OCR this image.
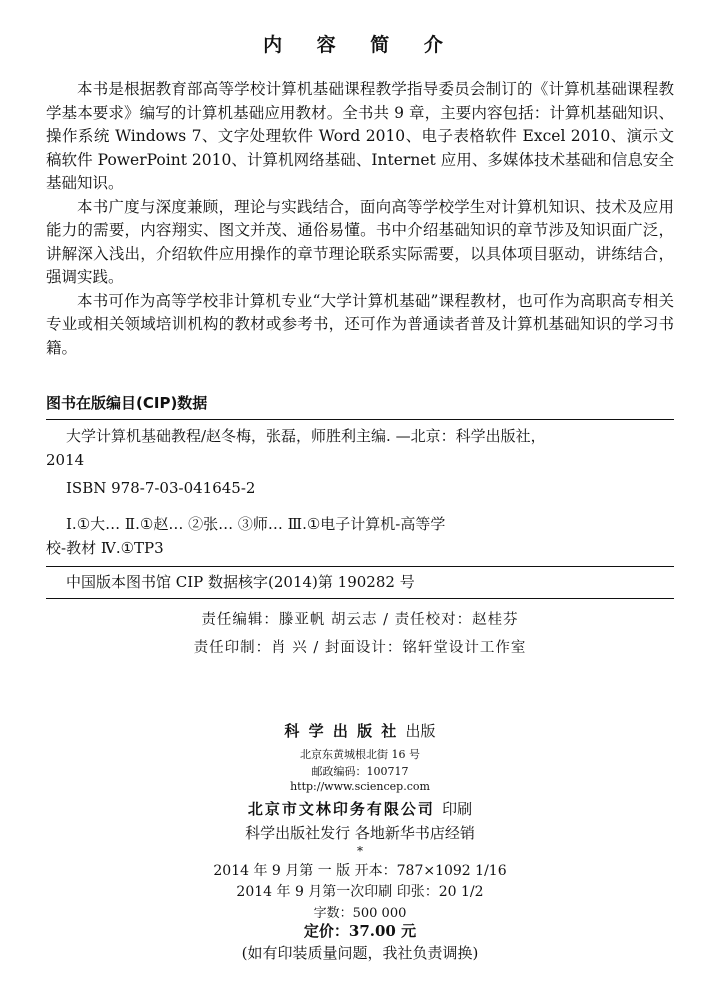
内 容 简 介

本书是根据教育部高等学校计算机基础课程教学指导委员会制订的《计算机基础课程教学基本要求》编写的计算机基础应用教材。全书共 9 章，主要内容包括：计算机基础知识、操作系统 Windows 7、文字处理软件 Word 2010、电子表格软件 Excel 2010、演示文稿软件 PowerPoint 2010、计算机网络基础、Internet 应用、多媒体技术基础和信息安全基础知识。

本书广度与深度兼顾，理论与实践结合，面向高等学校学生对计算机知识、技术及应用能力的需要，内容翔实、图文并茂、通俗易懂。书中介绍基础知识的章节涉及知识面广泛，讲解深入浅出，介绍软件应用操作的章节理论联系实际需要，以具体项目驱动，讲练结合，强调实践。

本书可作为高等学校非计算机专业“大学计算机基础”课程教材，也可作为高职高专相关专业或相关领域培训机构的教材或参考书，还可作为普通读者普及计算机基础知识的学习书籍。

图书在版编目(CIP)数据
大学计算机基础教程/赵冬梅，张磊，师胜利主编. —北京：科学出版社，
2014
ISBN 978-7-03-041645-2
Ⅰ.①大… Ⅱ.①赵… ②张… ③师… Ⅲ.①电子计算机-高等学
校-教材 Ⅳ.①TP3
中国版本图书馆 CIP 数据核字(2014)第 190282 号
责任编辑：滕亚帆 胡云志 / 责任校对：赵桂芬
责任印制：肖 兴 / 封面设计：铭轩堂设计工作室
科 学 出 版 社 出版
北京东黄城根北街 16 号
邮政编码：100717
http://www.sciencep.com
北京市文林印务有限公司 印刷
科学出版社发行 各地新华书店经销
*
2014 年 9 月第 一 版 开本：787×1092 1/16
2014 年 9 月第一次印刷 印张：20 1/2
字数：500 000
定价：37.00 元
(如有印装质量问题，我社负责调换)
